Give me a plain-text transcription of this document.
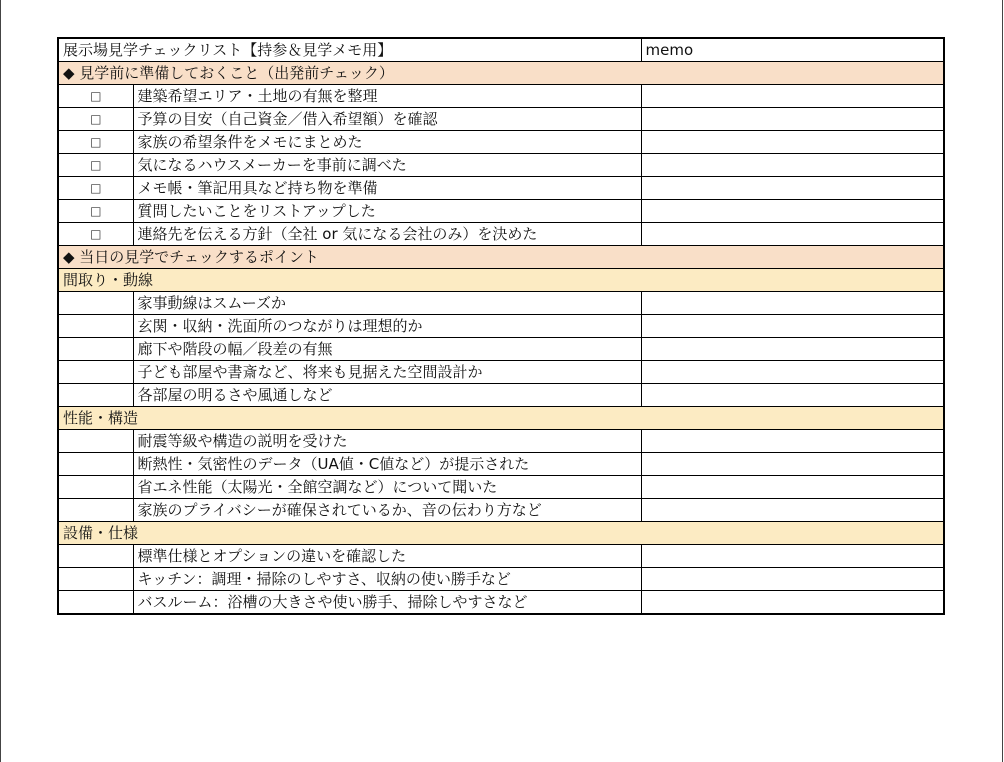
展示場見学チェックリスト【持参＆見学メモ用】		memo
◆ 見学前に準備しておくこと（出発前チェック）		
□	建築希望エリア・土地の有無を整理	
□	予算の目安（自己資金／借入希望額）を確認	
□	家族の希望条件をメモにまとめた	
□	気になるハウスメーカーを事前に調べた	
□	メモ帳・筆記用具など持ち物を準備	
□	質問したいことをリストアップした	
□	連絡先を伝える方針（全社 or 気になる会社のみ）を決めた	
◆ 当日の見学でチェックするポイント		
間取り・動線		
	家事動線はスムーズか	
	玄関・収納・洗面所のつながりは理想的か	
	廊下や階段の幅／段差の有無	
	子ども部屋や書斎など、将来も見据えた空間設計か	
	各部屋の明るさや風通しなど	
性能・構造		
	耐震等級や構造の説明を受けた	
	断熱性・気密性のデータ（UA値・C値など）が提示された	
	省エネ性能（太陽光・全館空調など）について聞いた	
	家族のプライバシーが確保されているか、音の伝わり方など	
設備・仕様		
	標準仕様とオプションの違いを確認した	
	キッチン：調理・掃除のしやすさ、収納の使い勝手など	
	バスルーム：浴槽の大きさや使い勝手、掃除しやすさなど	
